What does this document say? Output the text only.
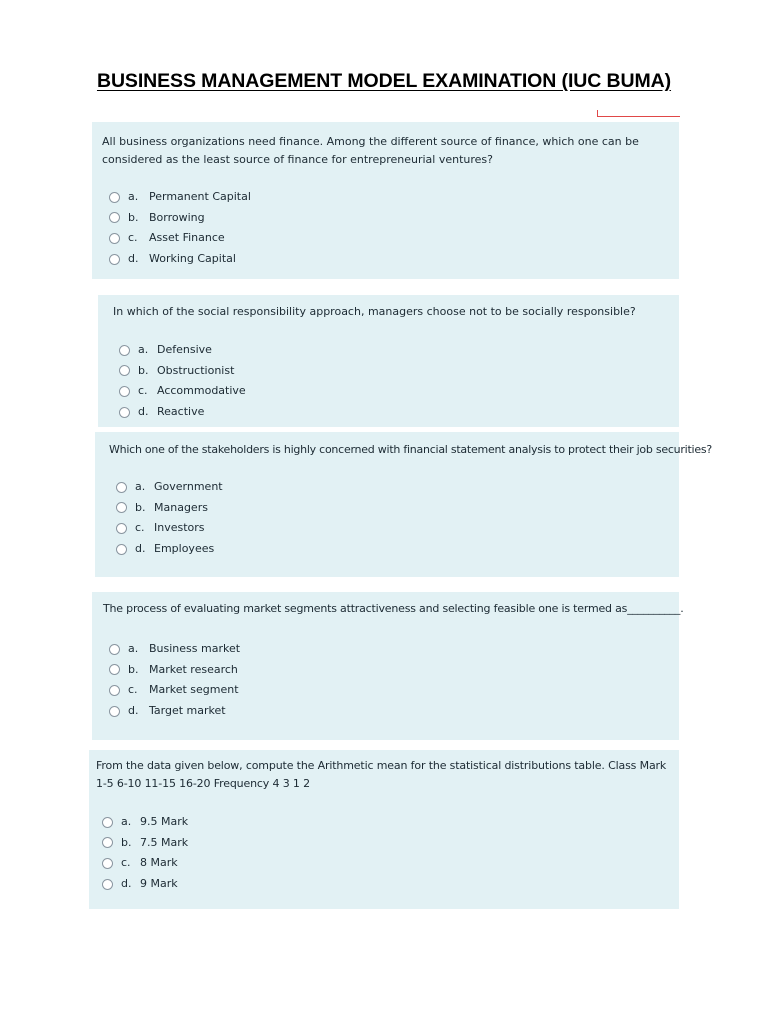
BUSINESS MANAGEMENT MODEL EXAMINATION (IUC BUMA)
All business organizations need finance. Among the different source of finance, which one can be considered as the least source of finance for entrepreneurial ventures?
a. Permanent Capital
b. Borrowing
c.	Asset Finance
d. Working Capital
In which of the social responsibility approach, managers choose not to be socially responsible?
a. Defensive
b. Obstructionist
c. Accommodative
d. Reactive
Which one of the stakeholders is highly concerned with financial statement analysis to protect their job securities?
a. Government
b. Managers
c. Investors
d. Employees
The process of evaluating market segments attractiveness and selecting feasible one is termed as__________.
a. Business market
b. Market research
c.	Market segment
d. Target market
From the data given below, compute the Arithmetic mean for the statistical distributions table. Class Mark 1-5 6-10 11-15 16-20 Frequency 4 3 1 2
a. 9.5 Mark
b. 7.5 Mark
c. 8 Mark
d. 9 Mark
